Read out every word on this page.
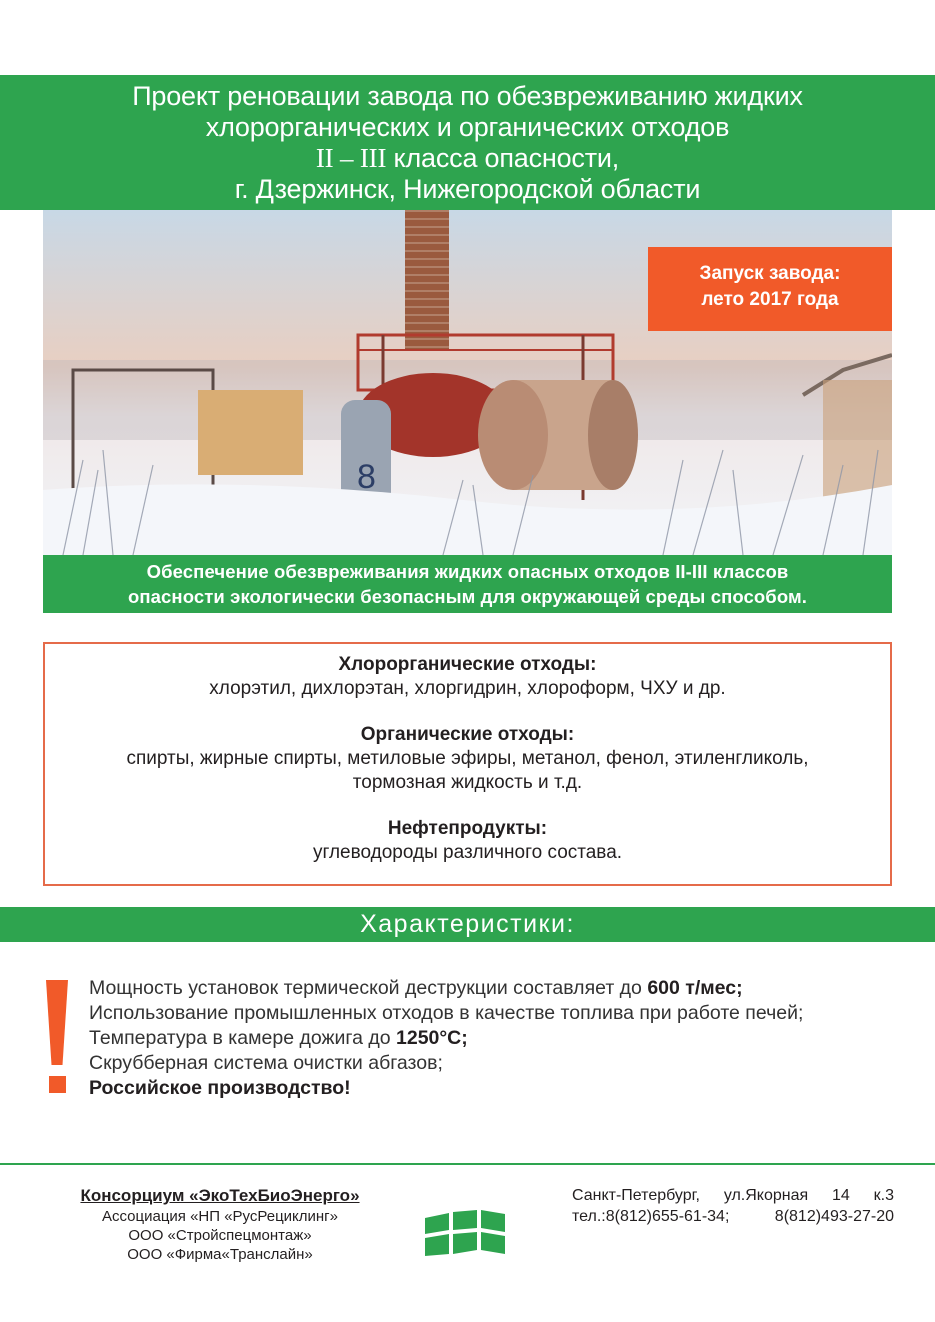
Проект реновации завода по обезвреживанию жидких
хлорорганических и органических отходов
II – III класса опасности,
г. Дзержинск, Нижегородской области
8
Запуск завода:
лето 2017 года
Обеспечение обезвреживания жидких опасных отходов II-III классов
опасности экологически безопасным для окружающей среды способом.
Хлорорганические отходы:
хлорэтил, дихлорэтан, хлоргидрин, хлороформ, ЧХУ и др.
Органические отходы:
спирты, жирные спирты, метиловые эфиры, метанол, фенол, этиленгликоль,
тормозная жидкость и т.д.
Нефтепродукты:
углеводороды различного состава.
Характеристики:
Мощность установок термической деструкции составляет до 600 т/мес;
Использование промышленных отходов в качестве топлива при работе печей;
Температура в камере дожига до 1250°С;
Скрубберная система очистки абгазов;
Российское производство!
Консорциум «ЭкоТехБиоЭнерго»
Ассоциация «НП «РусРециклинг»
ООО «Стройспецмонтаж»
ООО «Фирма«Транслайн»
Санкт-Петербург, ул.Якорная 14 к.3
тел.:8(812)655-61-34;	8(812)493-27-20
